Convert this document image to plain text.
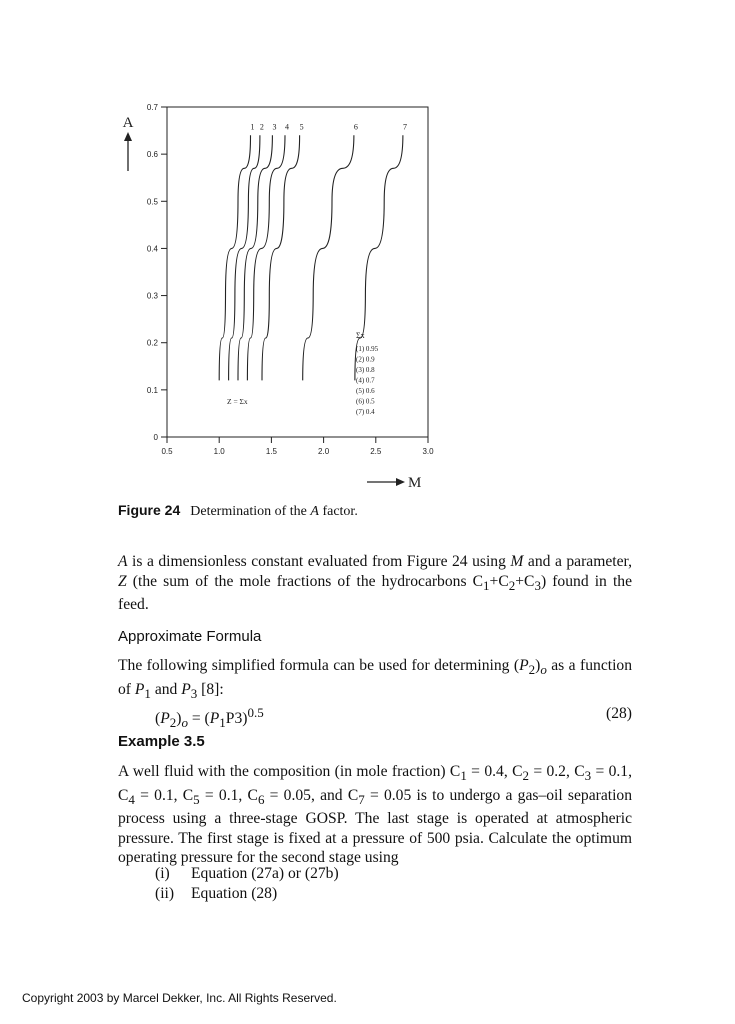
0
0.1
0.2
0.3
0.4
0.5
0.6
0.7
0.5	1.0	1.5	2.0	2.5	3.0
A
M
1 2 3 4 5	6	7
Σx
(1) 0.95
(2) 0.9
(3) 0.8
(4) 0.7
(5) 0.6
(6) 0.5
(7) 0.4
Z = Σx
Figure 24 Determination of the A factor.
A is a dimensionless constant evaluated from Figure 24 using M and a parameter, Z (the sum of the mole fractions of the hydrocarbons $C_1+C_2+C_3$) found in the feed.
Approximate Formula
The following simplified formula can be used for determining $(P_2)_o$ as a function of $P_1$ and $P_3$ [8]:
$(P_2)_o = (P_1P3)^{0.5}$	(28)
Example 3.5
A well fluid with the composition (in mole fraction) $C_1 = 0.4$, $C_2 = 0.2$, $C_3 = 0.1$, $C_4 = 0.1$, $C_5 = 0.1$, $C_6 = 0.05$, and $C_7 = 0.05$ is to undergo a gas–oil separation process using a three-stage GOSP. The last stage is operated at atmospheric pressure. The first stage is fixed at a pressure of 500 psia. Calculate the optimum operating pressure for the second stage using
(i) Equation (27a) or (27b)
(ii) Equation (28)
Copyright 2003 by Marcel Dekker, Inc. All Rights Reserved.
